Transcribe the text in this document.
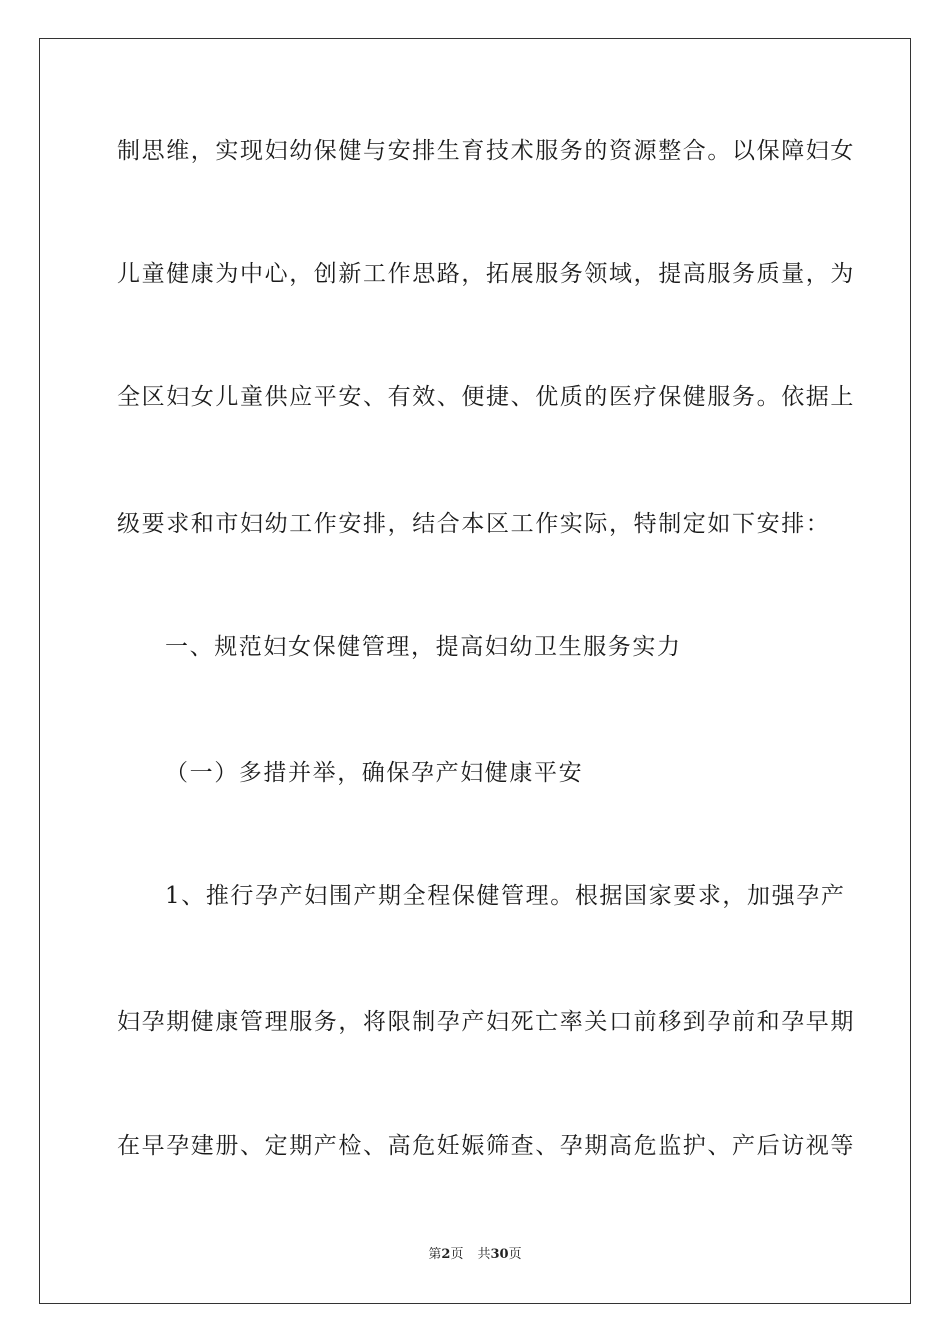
制思维，实现妇幼保健与安排生育技术服务的资源整合。以保障妇女
儿童健康为中心，创新工作思路，拓展服务领域，提高服务质量，为
全区妇女儿童供应平安、有效、便捷、优质的医疗保健服务。依据上
级要求和市妇幼工作安排，结合本区工作实际，特制定如下安排：
一、规范妇女保健管理，提高妇幼卫生服务实力
（一）多措并举，确保孕产妇健康平安
1、推行孕产妇围产期全程保健管理。根据国家要求，加强孕产
妇孕期健康管理服务，将限制孕产妇死亡率关口前移到孕前和孕早期
在早孕建册、定期产检、高危妊娠筛查、孕期高危监护、产后访视等
第2页 共30页
